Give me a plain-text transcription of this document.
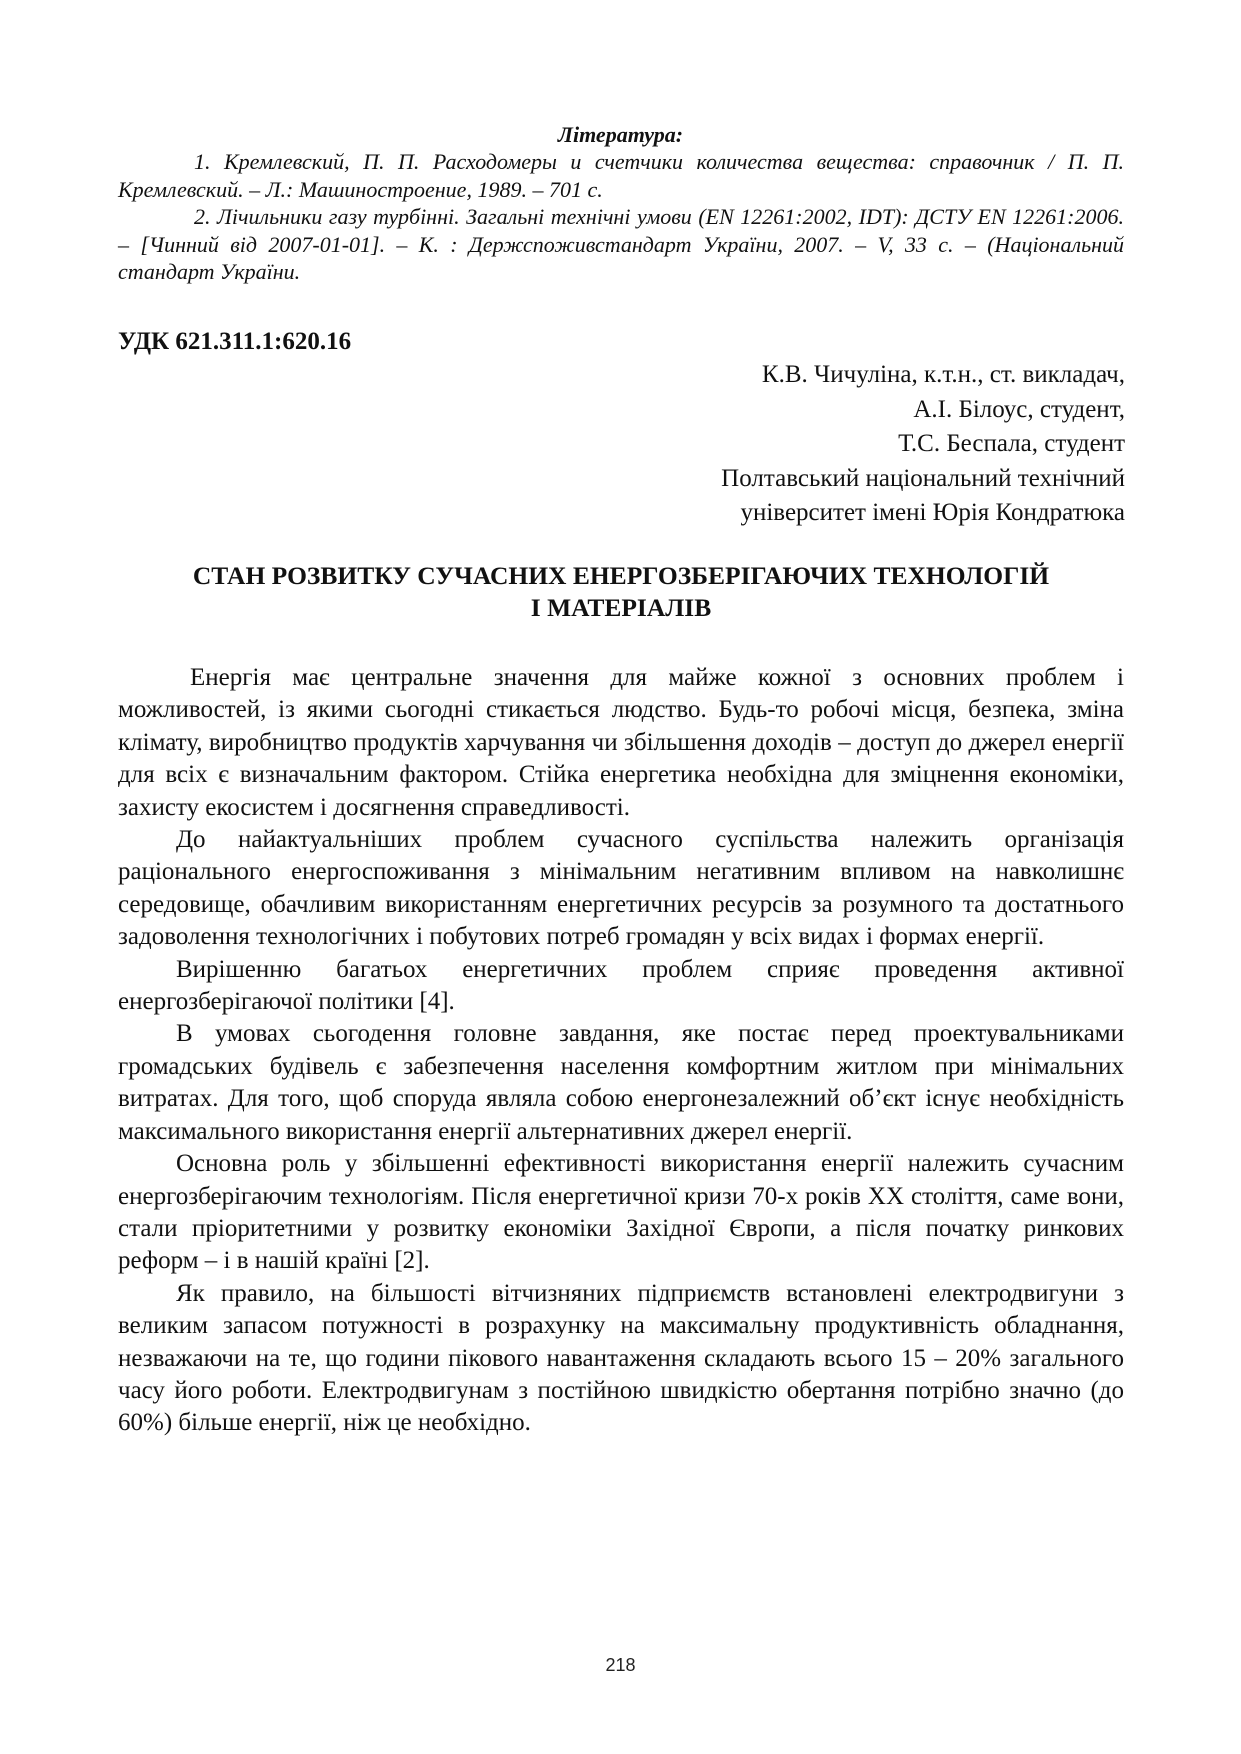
Література:

1. Кремлевский, П. П. Расходомеры и счетчики количества вещества: справочник / П. П. Кремлевский. – Л.: Машиностроение, 1989. – 701 с.

2. Лічильники газу турбінні. Загальні технічні умови (EN 12261:2002, IDT): ДСТУ EN 12261:2006. – [Чинний від 2007-01-01]. – К. : Держспоживстандарт України, 2007. – V, 33 с. – (Національний стандарт України.

УДК 621.311.1:620.16
К.В. Чичуліна, к.т.н., ст. викладач,
А.І. Білоус, студент,
Т.С. Беспала, студент
Полтавський національний технічний
університет імені Юрія Кондратюка
СТАН РОЗВИТКУ СУЧАСНИХ ЕНЕРГОЗБЕРІГАЮЧИХ ТЕХНОЛОГІЙ
І МАТЕРІАЛІВ

Енергія має центральне значення для майже кожної з основних проблем і можливостей, із якими сьогодні стикається людство. Будь-то робочі місця, безпека, зміна клімату, виробництво продуктів харчування чи збільшення доходів – доступ до джерел енергії для всіх є визначальним фактором. Стійка енергетика необхідна для зміцнення економіки, захисту екосистем і досягнення справедливості.

До найактуальніших проблем сучасного суспільства належить організація раціонального енергоспоживання з мінімальним негативним впливом на навколишнє середовище, обачливим використанням енергетичних ресурсів за розумного та достатнього задоволення технологічних і побутових потреб громадян у всіх видах і формах енергії.

Вирішенню багатьох енергетичних проблем сприяє проведення активної енергозберігаючої політики [4].

В умовах сьогодення головне завдання, яке постає перед проектувальниками громадських будівель є забезпечення населення комфортним житлом при мінімальних витратах. Для того, щоб споруда являла собою енергонезалежний об’єкт існує необхідність максимального використання енергії альтернативних джерел енергії.

Основна роль у збільшенні ефективності використання енергії належить сучасним енергозберігаючим технологіям. Після енергетичної кризи 70-х років ХХ століття, саме вони, стали пріоритетними у розвитку економіки Західної Європи, а після початку ринкових реформ – і в нашій країні [2].

Як правило, на більшості вітчизняних підприємств встановлені електродвигуни з великим запасом потужності в розрахунку на максимальну продуктивність обладнання, незважаючи на те, що години пікового навантаження складають всього 15 – 20% загального часу його роботи. Електродвигунам з постійною швидкістю обертання потрібно значно (до 60%) більше енергії, ніж це необхідно.

218
